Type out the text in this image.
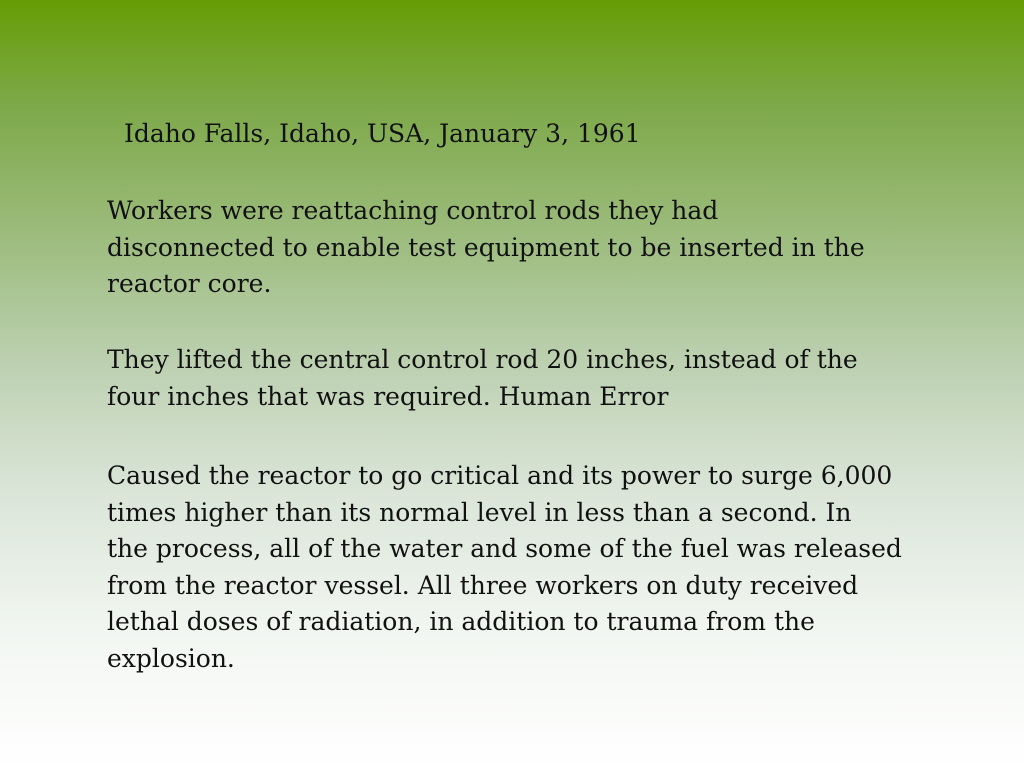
Idaho Falls, Idaho, USA, January 3, 1961
Workers were reattaching control rods they had
disconnected to enable test equipment to be inserted in the
reactor core.
They lifted the central control rod 20 inches, instead of the
four inches that was required. Human Error
Caused the reactor to go critical and its power to surge 6,000
times higher than its normal level in less than a second. In
the process, all of the water and some of the fuel was released
from the reactor vessel. All three workers on duty received
lethal doses of radiation, in addition to trauma from the
explosion.
